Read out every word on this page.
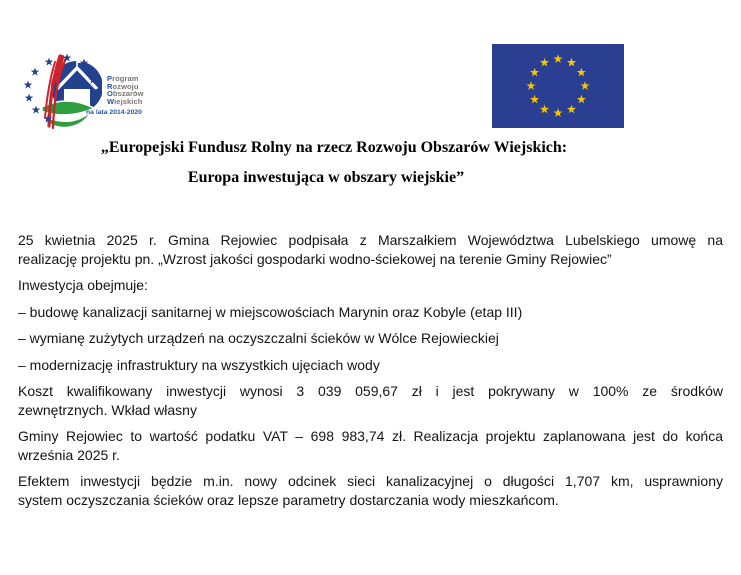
Program
Rozwoju
Obszarów
Wiejskich
na lata 2014-2020
„Europejski Fundusz Rolny na rzecz Rozwoju Obszarów Wiejskich:
Europa inwestująca w obszary wiejskie”
25 kwietnia 2025 r. Gmina Rejowiec podpisała z Marszałkiem Województwa Lubelskiego umowę na
realizację projektu pn. „Wzrost jakości gospodarki wodno-ściekowej na terenie Gminy Rejowiec”
Inwestycja obejmuje:
– budowę kanalizacji sanitarnej w miejscowościach Marynin oraz Kobyle (etap III)
– wymianę zużytych urządzeń na oczyszczalni ścieków w Wólce Rejowieckiej
– modernizację infrastruktury na wszystkich ujęciach wody
Koszt kwalifikowany inwestycji wynosi 3 039 059,67 zł i jest pokrywany w 100% ze środków
zewnętrznych. Wkład własny
Gminy Rejowiec to wartość podatku VAT – 698 983,74 zł. Realizacja projektu zaplanowana jest do końca
września 2025 r.
Efektem inwestycji będzie m.in. nowy odcinek sieci kanalizacyjnej o długości 1,707 km, usprawniony
system oczyszczania ścieków oraz lepsze parametry dostarczania wody mieszkańcom.
